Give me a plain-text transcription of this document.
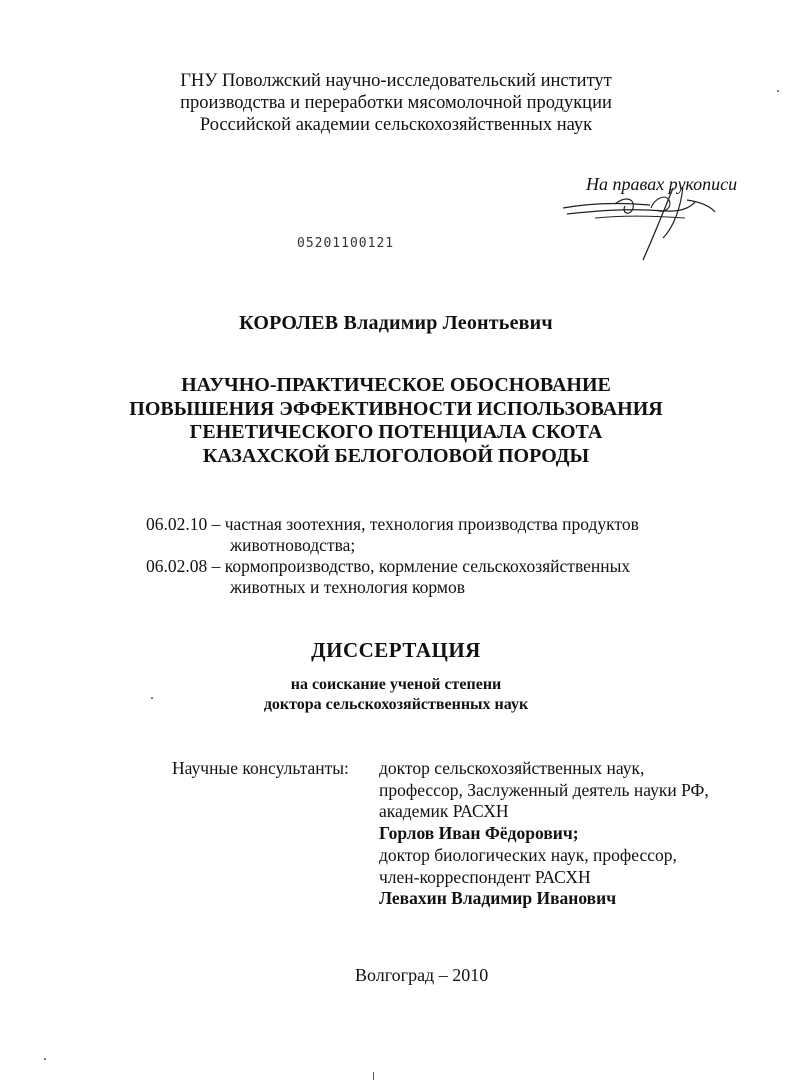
ГНУ Поволжский научно-исследовательский институт
производства и переработки мясомолочной продукции
Российской академии сельскохозяйственных наук
На правах рукописи
05201100121
КОРОЛЕВ Владимир Леонтьевич
НАУЧНО-ПРАКТИЧЕСКОЕ ОБОСНОВАНИЕ
ПОВЫШЕНИЯ ЭФФЕКТИВНОСТИ ИСПОЛЬЗОВАНИЯ
ГЕНЕТИЧЕСКОГО ПОТЕНЦИАЛА СКОТА
КАЗАХСКОЙ БЕЛОГОЛОВОЙ ПОРОДЫ
06.02.10 – частная зоотехния, технология производства продуктов
животноводства;
06.02.08 – кормопроизводство, кормление сельскохозяйственных
животных и технология кормов
ДИССЕРТАЦИЯ
на соискание ученой степени
доктора сельскохозяйственных наук
Научные консультанты: доктор сельскохозяйственных наук,
профессор, Заслуженный деятель науки РФ,
академик РАСХН
Горлов Иван Фёдорович;
доктор биологических наук, профессор,
член-корреспондент РАСХН
Левахин Владимир Иванович
Волгоград – 2010
